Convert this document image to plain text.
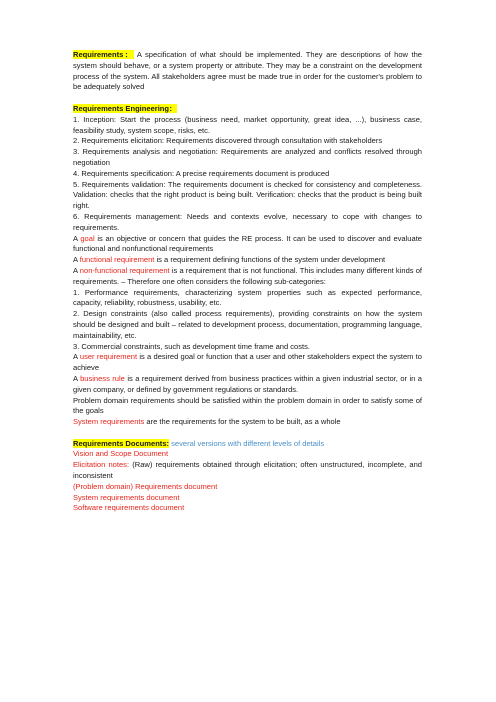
Requirements： A specification of what should be implemented. They are descriptions of how the system should behave, or a system property or attribute. They may be a constraint on the development process of the system. All stakeholders agree must be made true in order for the customer's problem to be adequately solved

Requirements Engineering：

1. Inception: Start the process (business need, market opportunity, great idea, ...), business case, feasibility study, system scope, risks, etc.

2. Requirements elicitation: Requirements discovered through consultation with stakeholders

3. Requirements analysis and negotiation: Requirements are analyzed and conflicts resolved through negotiation

4. Requirements specification: A precise requirements document is produced

5. Requirements validation: The requirements document is checked for consistency and completeness. Validation: checks that the right product is being built. Verification: checks that the product is being built right.

6. Requirements management: Needs and contexts evolve, necessary to cope with changes to requirements.

A goal is an objective or concern that guides the RE process. It can be used to discover and evaluate functional and nonfunctional requirements

A functional requirement is a requirement defining functions of the system under development

A non-functional requirement is a requirement that is not functional. This includes many different kinds of requirements. – Therefore one often considers the following sub-categories:

1. Performance requirements, characterizing system properties such as expected performance, capacity, reliability, robustness, usability, etc.

2. Design constraints (also called process requirements), providing constraints on how the system should be designed and built – related to development process, documentation, programming language, maintainability, etc.

3. Commercial constraints, such as development time frame and costs.

A user requirement is a desired goal or function that a user and other stakeholders expect the system to achieve

A business rule is a requirement derived from business practices within a given industrial sector, or in a given company, or defined by government regulations or standards.

Problem domain requirements should be satisfied within the problem domain in order to satisfy some of the goals

System requirements are the requirements for the system to be built, as a whole

Requirements Documents: several versions with different levels of details

Vision and Scope Document

Elicitation notes: (Raw) requirements obtained through elicitation; often unstructured, incomplete, and inconsistent

(Problem domain) Requirements document

System requirements document

Software requirements document
